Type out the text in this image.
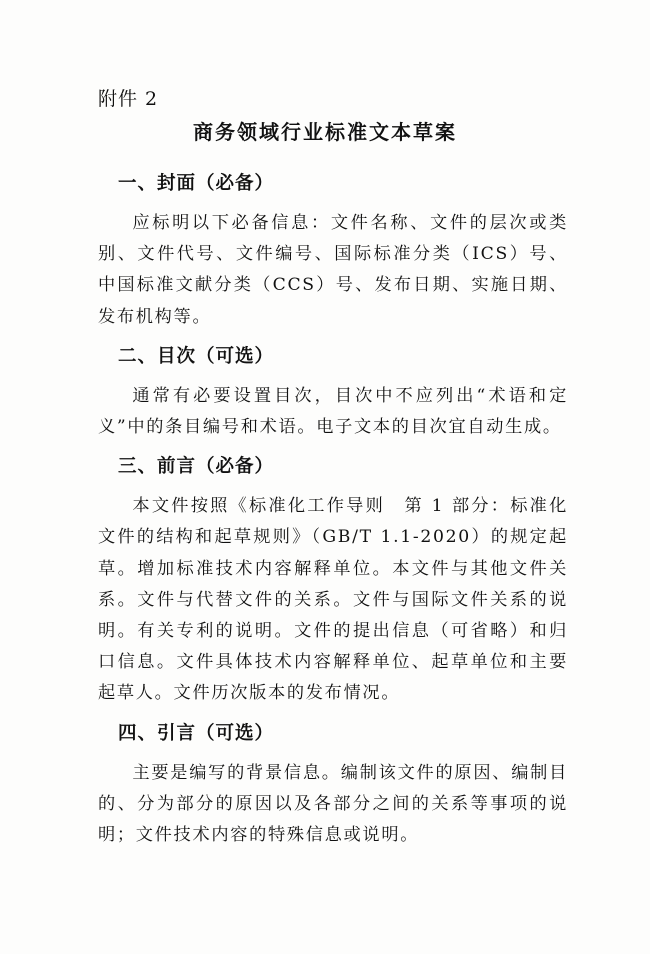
附件 2
商务领域行业标准文本草案
一、封面（必备）
应标明以下必备信息：文件名称、文件的层次或类别、文件代号、文件编号、国际标准分类（ICS）号、中国标准文献分类（CCS）号、发布日期、实施日期、发布机构等。
二、目次（可选）
通常有必要设置目次，目次中不应列出“术语和定义”中的条目编号和术语。电子文本的目次宜自动生成。
三、前言（必备）
本文件按照《标准化工作导则　第 1 部分：标准化文件的结构和起草规则》（GB/T 1.1-2020）的规定起草。增加标准技术内容解释单位。本文件与其他文件关系。文件与代替文件的关系。文件与国际文件关系的说明。有关专利的说明。文件的提出信息（可省略）和归口信息。文件具体技术内容解释单位、起草单位和主要起草人。文件历次版本的发布情况。
四、引言（可选）
主要是编写的背景信息。编制该文件的原因、编制目的、分为部分的原因以及各部分之间的关系等事项的说明；文件技术内容的特殊信息或说明。
